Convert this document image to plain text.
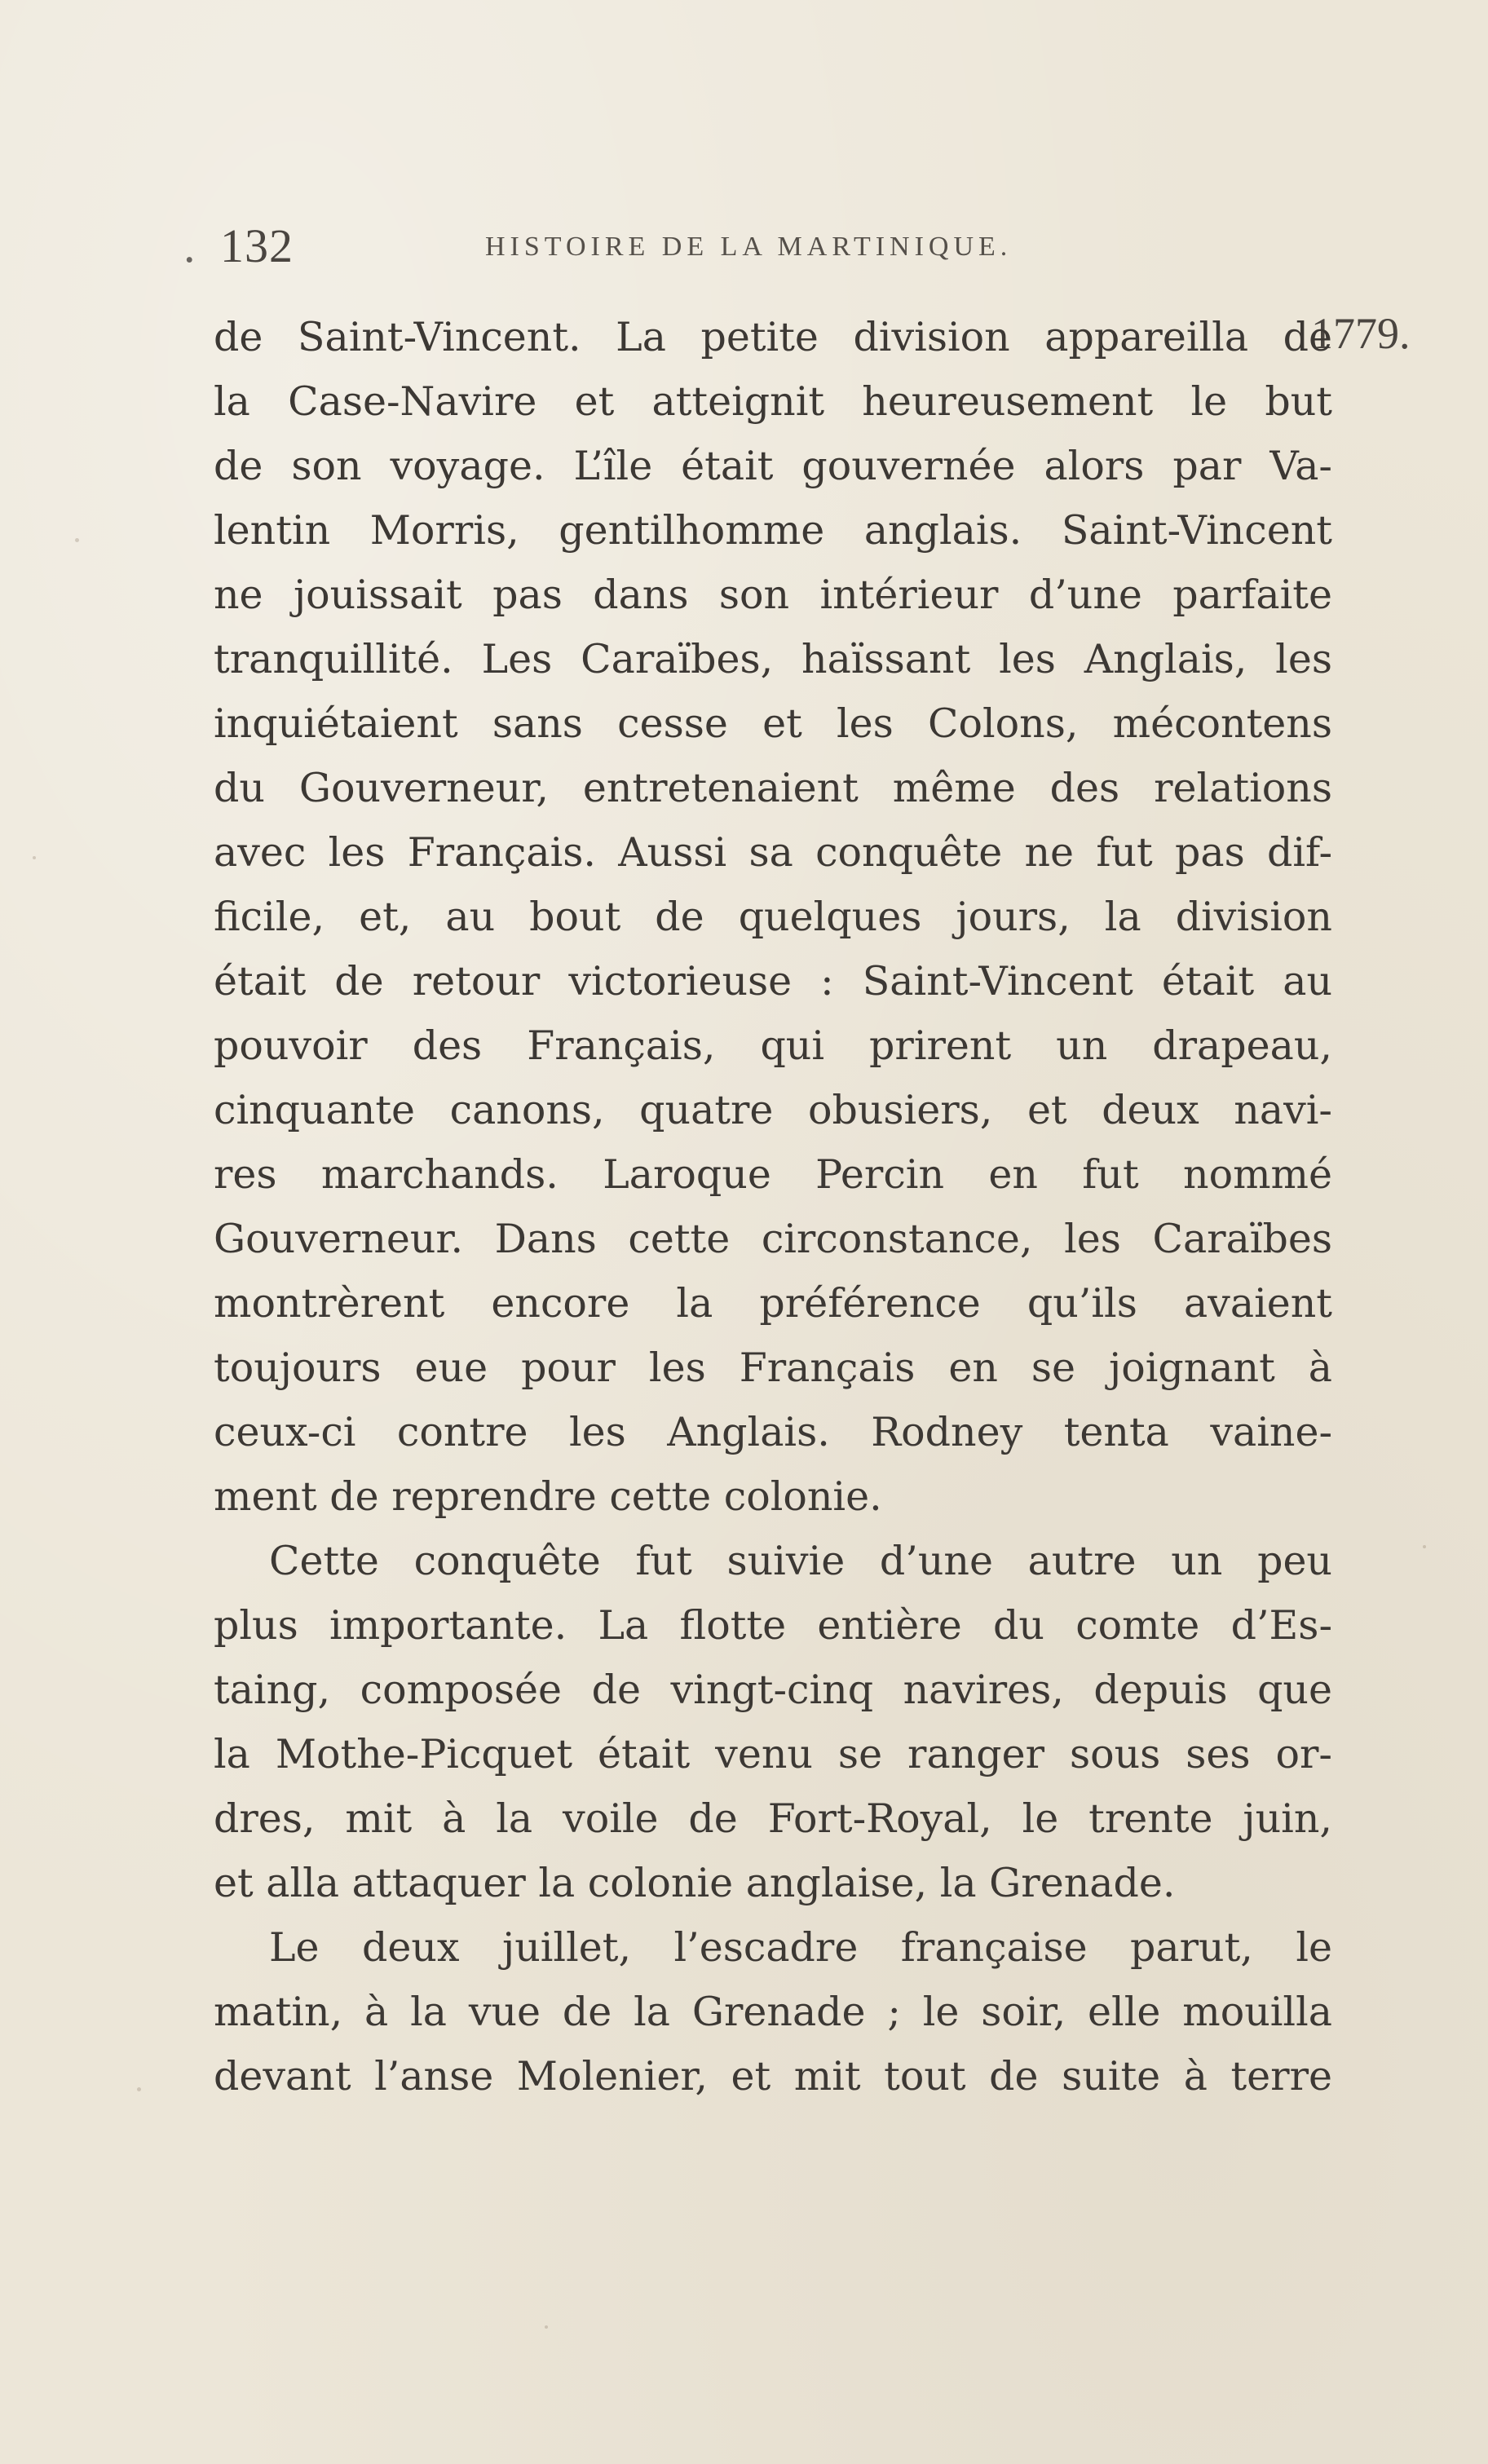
. 132	HISTOIRE DE LA MARTINIQUE.
1779.
de Saint-Vincent. La petite division appareilla de
la Case-Navire et atteignit heureusement le but
de son voyage. L’île était gouvernée alors par Va-
lentin Morris, gentilhomme anglais. Saint-Vincent
ne jouissait pas dans son intérieur d’une parfaite
tranquillité. Les Caraïbes, haïssant les Anglais, les
inquiétaient sans cesse et les Colons, mécontens
du Gouverneur, entretenaient même des relations
avec les Français. Aussi sa conquête ne fut pas dif-
ficile, et, au bout de quelques jours, la division
était de retour victorieuse : Saint-Vincent était au
pouvoir des Français, qui prirent un drapeau,
cinquante canons, quatre obusiers, et deux navi-
res marchands. Laroque Percin en fut nommé
Gouverneur. Dans cette circonstance, les Caraïbes
montrèrent encore la préférence qu’ils avaient
toujours eue pour les Français en se joignant à
ceux-ci contre les Anglais. Rodney tenta vaine-
ment de reprendre cette colonie.
Cette conquête fut suivie d’une autre un peu
plus importante. La flotte entière du comte d’Es-
taing, composée de vingt-cinq navires, depuis que
la Mothe-Picquet était venu se ranger sous ses or-
dres, mit à la voile de Fort-Royal, le trente juin,
et alla attaquer la colonie anglaise, la Grenade.
Le deux juillet, l’escadre française parut, le
matin, à la vue de la Grenade ; le soir, elle mouilla
devant l’anse Molenier, et mit tout de suite à terre
